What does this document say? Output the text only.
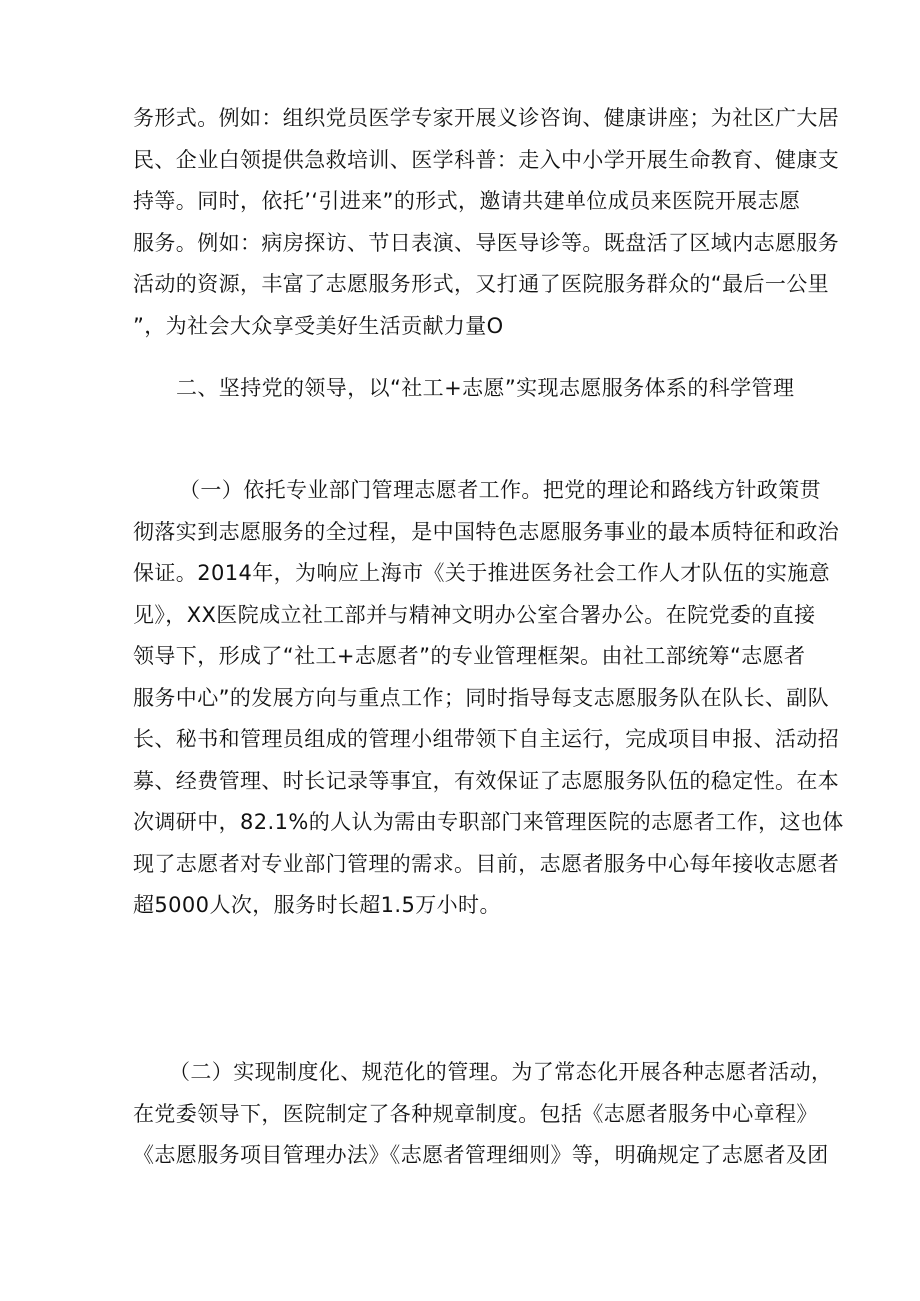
务形式。例如：组织党员医学专家开展义诊咨询、健康讲座；为社区广大居
民、企业白领提供急救培训、医学科普：走入中小学开展生命教育、健康支
持等。同时，依托’‘引进来”的形式，邀请共建单位成员来医院开展志愿
服务。例如：病房探访、节日表演、导医导诊等。既盘活了区域内志愿服务
活动的资源，丰富了志愿服务形式，又打通了医院服务群众的“最后一公里
”，为社会大众享受美好生活贡献力量O
二、坚持党的领导，以“社工+志愿”实现志愿服务体系的科学管理
（一）依托专业部门管理志愿者工作。把党的理论和路线方针政策贯
彻落实到志愿服务的全过程，是中国特色志愿服务事业的最本质特征和政治
保证。2014年，为响应上海市《关于推进医务社会工作人才队伍的实施意
见》，XX医院成立社工部并与精神文明办公室合署办公。在院党委的直接
领导下，形成了“社工+志愿者”的专业管理框架。由社工部统筹“志愿者
服务中心”的发展方向与重点工作；同时指导每支志愿服务队在队长、副队
长、秘书和管理员组成的管理小组带领下自主运行，完成项目申报、活动招
募、经费管理、时长记录等事宜，有效保证了志愿服务队伍的稳定性。在本
次调研中，82.1%的人认为需由专职部门来管理医院的志愿者工作，这也体
现了志愿者对专业部门管理的需求。目前，志愿者服务中心每年接收志愿者
超5000人次，服务时长超1.5万小时。
（二）实现制度化、规范化的管理。为了常态化开展各种志愿者活动，
在党委领导下，医院制定了各种规章制度。包括《志愿者服务中心章程》
《志愿服务项目管理办法》《志愿者管理细则》等，明确规定了志愿者及团
